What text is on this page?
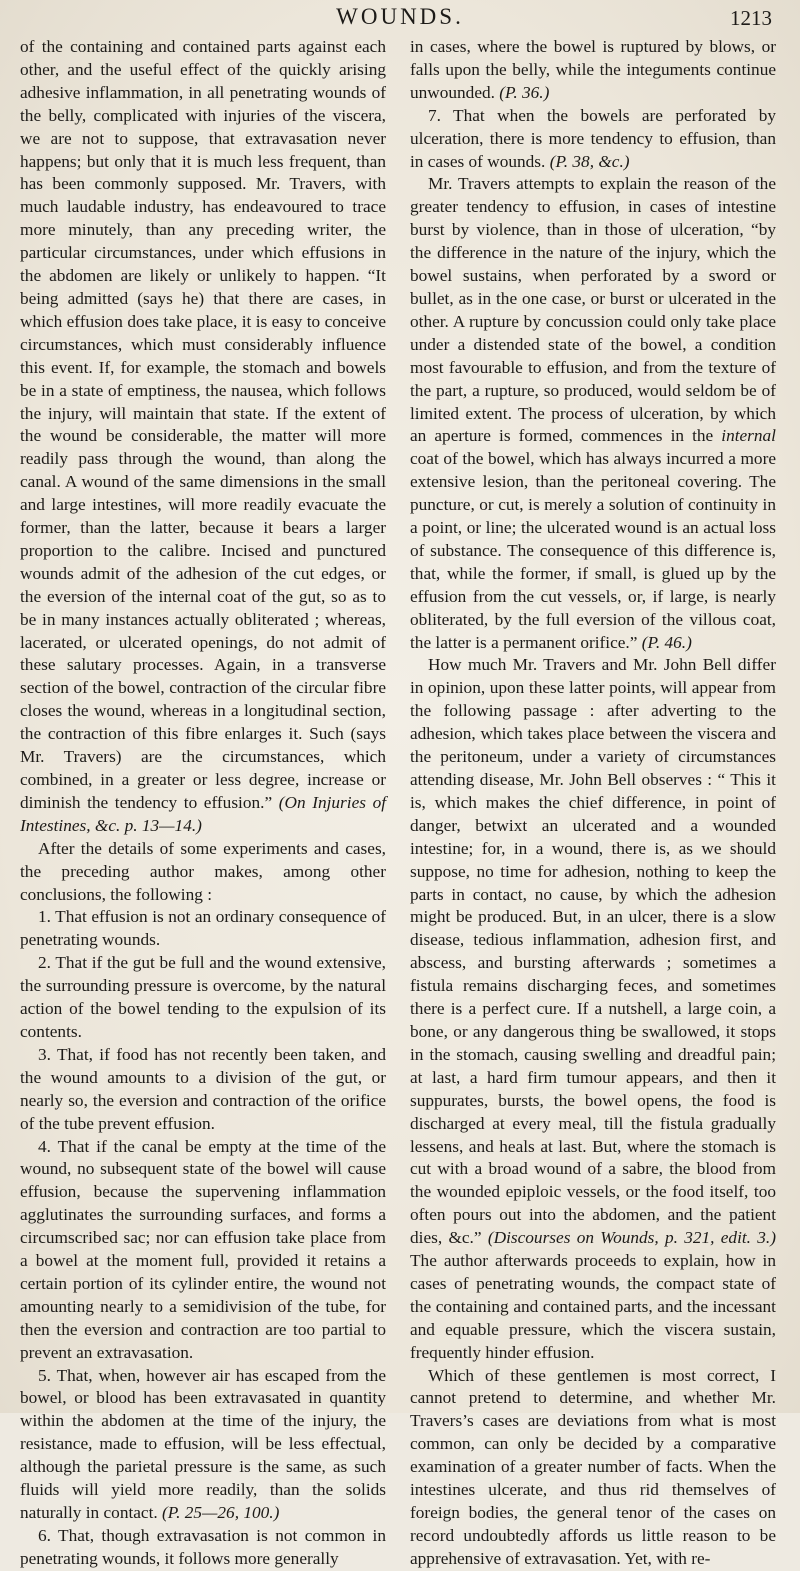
WOUNDS.	1213

of the containing and contained parts against each other, and the useful effect of the quickly arising adhesive inflammation, in all penetrating wounds of the belly, complicated with injuries of the viscera, we are not to suppose, that extravasation never happens; but only that it is much less frequent, than has been commonly supposed. Mr. Travers, with much laudable industry, has endeavoured to trace more minutely, than any preceding writer, the particular circumstances, under which effusions in the abdomen are likely or unlikely to happen. “It being admitted (says he) that there are cases, in which effusion does take place, it is easy to conceive circumstances, which must considerably influence this event. If, for example, the stomach and bowels be in a state of emptiness, the nausea, which follows the injury, will maintain that state. If the extent of the wound be considerable, the matter will more readily pass through the wound, than along the canal. A wound of the same dimensions in the small and large intestines, will more readily evacuate the former, than the latter, because it bears a larger proportion to the calibre. Incised and punctured wounds admit of the adhesion of the cut edges, or the eversion of the internal coat of the gut, so as to be in many instances actually obliterated ; whereas, lacerated, or ulcerated openings, do not admit of these salutary processes. Again, in a transverse section of the bowel, contraction of the circular fibre closes the wound, whereas in a longitudinal section, the contraction of this fibre enlarges it. Such (says Mr. Travers) are the circumstances, which combined, in a greater or less degree, increase or diminish the tendency to effusion.” (On Injuries of Intestines, &c. p. 13—14.)

After the details of some experiments and cases, the preceding author makes, among other conclusions, the following :

1. That effusion is not an ordinary consequence of penetrating wounds.

2. That if the gut be full and the wound extensive, the surrounding pressure is overcome, by the natural action of the bowel tending to the expulsion of its contents.

3. That, if food has not recently been taken, and the wound amounts to a division of the gut, or nearly so, the eversion and contraction of the orifice of the tube prevent effusion.

4. That if the canal be empty at the time of the wound, no subsequent state of the bowel will cause effusion, because the supervening inflammation agglutinates the surrounding surfaces, and forms a circumscribed sac; nor can effusion take place from a bowel at the moment full, provided it retains a certain portion of its cylinder entire, the wound not amounting nearly to a semidivision of the tube, for then the eversion and contraction are too partial to prevent an extravasation.

5. That, when, however air has escaped from the bowel, or blood has been extravasated in quantity within the abdomen at the time of the injury, the resistance, made to effusion, will be less effectual, although the parietal pressure is the same, as such fluids will yield more readily, than the solids naturally in contact. (P. 25—26, 100.)

6. That, though extravasation is not common in penetrating wounds, it follows more generally

in cases, where the bowel is ruptured by blows, or falls upon the belly, while the integuments continue unwounded. (P. 36.)

7. That when the bowels are perforated by ulceration, there is more tendency to effusion, than in cases of wounds. (P. 38, &c.)

Mr. Travers attempts to explain the reason of the greater tendency to effusion, in cases of intestine burst by violence, than in those of ulceration, “by the difference in the nature of the injury, which the bowel sustains, when perforated by a sword or bullet, as in the one case, or burst or ulcerated in the other. A rupture by concussion could only take place under a distended state of the bowel, a condition most favourable to effusion, and from the texture of the part, a rupture, so produced, would seldom be of limited extent. The process of ulceration, by which an aperture is formed, commences in the internal coat of the bowel, which has always incurred a more extensive lesion, than the peritoneal covering. The puncture, or cut, is merely a solution of continuity in a point, or line; the ulcerated wound is an actual loss of substance. The consequence of this difference is, that, while the former, if small, is glued up by the effusion from the cut vessels, or, if large, is nearly obliterated, by the full eversion of the villous coat, the latter is a permanent orifice.” (P. 46.)

How much Mr. Travers and Mr. John Bell differ in opinion, upon these latter points, will appear from the following passage : after adverting to the adhesion, which takes place between the viscera and the peritoneum, under a variety of circumstances attending disease, Mr. John Bell observes : “ This it is, which makes the chief difference, in point of danger, betwixt an ulcerated and a wounded intestine; for, in a wound, there is, as we should suppose, no time for adhesion, nothing to keep the parts in contact, no cause, by which the adhesion might be produced. But, in an ulcer, there is a slow disease, tedious inflammation, adhesion first, and abscess, and bursting afterwards ; sometimes a fistula remains discharging feces, and sometimes there is a perfect cure. If a nutshell, a large coin, a bone, or any dangerous thing be swallowed, it stops in the stomach, causing swelling and dreadful pain; at last, a hard firm tumour appears, and then it suppurates, bursts, the bowel opens, the food is discharged at every meal, till the fistula gradually lessens, and heals at last. But, where the stomach is cut with a broad wound of a sabre, the blood from the wounded epiploic vessels, or the food itself, too often pours out into the abdomen, and the patient dies, &c.” (Discourses on Wounds, p. 321, edit. 3.) The author afterwards proceeds to explain, how in cases of penetrating wounds, the compact state of the containing and contained parts, and the incessant and equable pressure, which the viscera sustain, frequently hinder effusion.

Which of these gentlemen is most correct, I cannot pretend to determine, and whether Mr. Travers’s cases are deviations from what is most common, can only be decided by a comparative examination of a greater number of facts. When the intestines ulcerate, and thus rid themselves of foreign bodies, the general tenor of the cases on record undoubtedly affords us little reason to be apprehensive of extravasation. Yet, with re-
